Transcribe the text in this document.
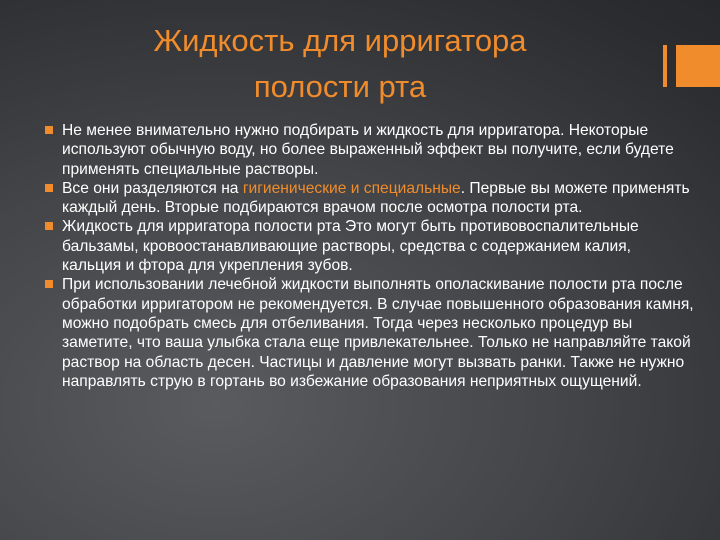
Жидкость для ирригатора
полости рта
Не менее внимательно нужно подбирать и жидкость для ирригатора. Некоторые используют обычную воду, но более выраженный эффект вы получите, если будете применять специальные растворы.
Все они разделяются на гигиенические и специальные. Первые вы можете применять каждый день. Вторые подбираются врачом после осмотра полости рта.
Жидкость для ирригатора полости рта Это могут быть противовоспалительные бальзамы, кровоостанавливающие растворы, средства с содержанием калия, кальция и фтора для укрепления зубов.
При использовании лечебной жидкости выполнять ополаскивание полости рта после обработки ирригатором не рекомендуется. В случае повышенного образования камня, можно подобрать смесь для отбеливания. Тогда через несколько процедур вы заметите, что ваша улыбка стала еще привлекательнее. Только не направляйте такой раствор на область десен. Частицы и давление могут вызвать ранки. Также не нужно направлять струю в гортань во избежание образования неприятных ощущений.
